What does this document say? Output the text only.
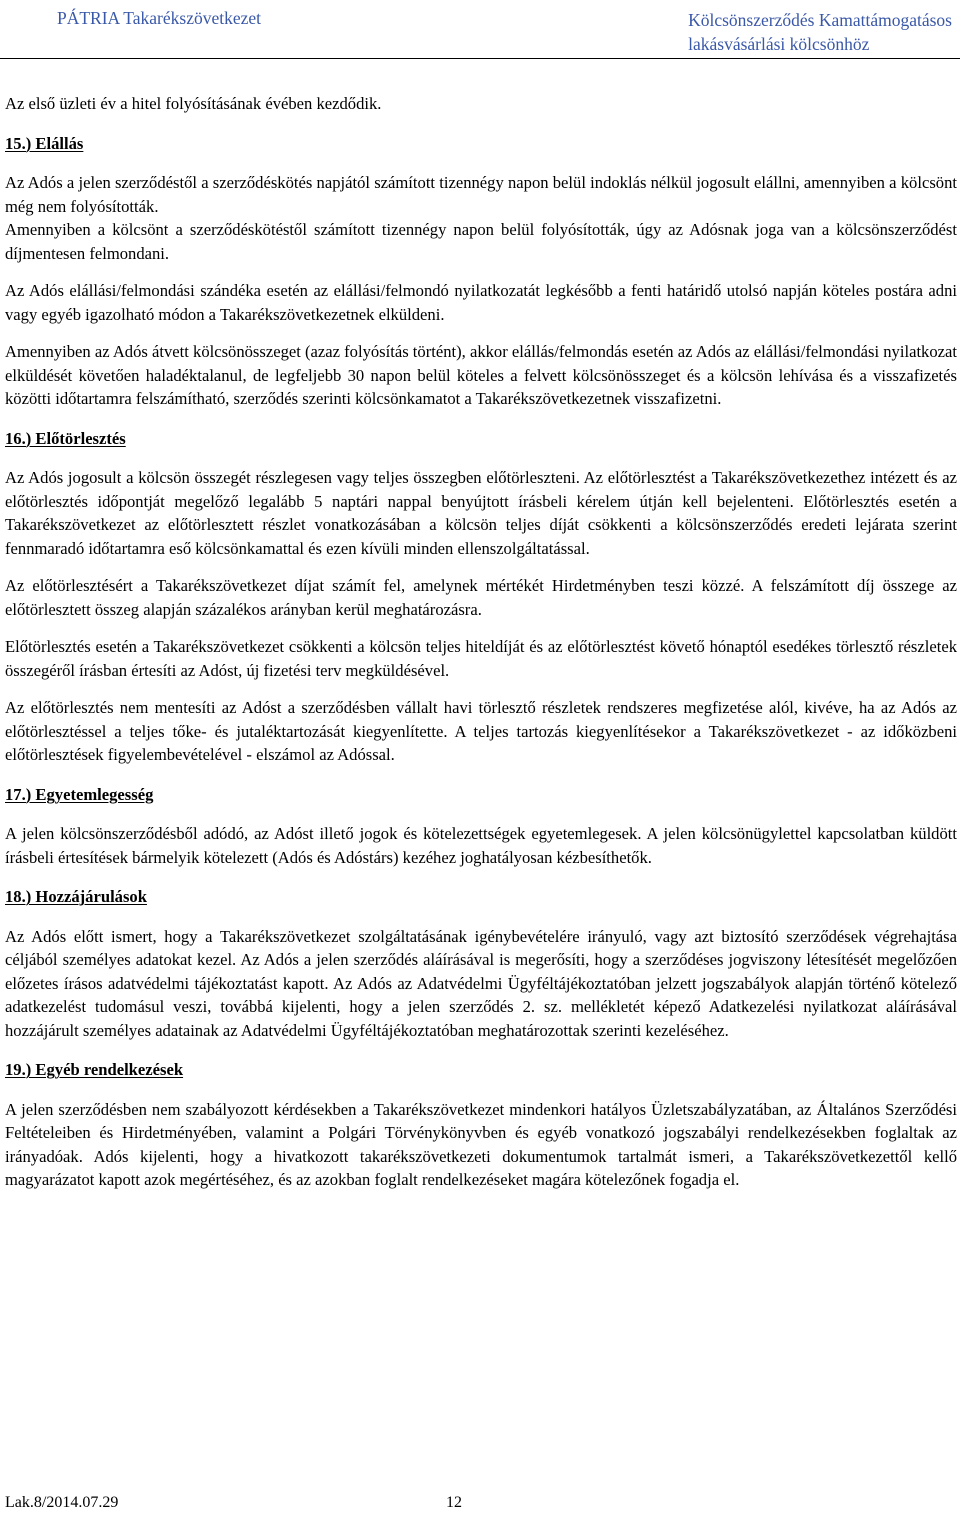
PÁTRIA Takarékszövetkezet	Kölcsönszerződés Kamattámogatásos
lakásvásárlási kölcsönhöz

Az első üzleti év a hitel folyósításának évében kezdődik.

15.) Elállás

Az Adós a jelen szerződéstől a szerződéskötés napjától számított tizennégy napon belül indoklás nélkül jogosult elállni, amennyiben a kölcsönt még nem folyósították.

Amennyiben a kölcsönt a szerződéskötéstől számított tizennégy napon belül folyósították, úgy az Adósnak joga van a kölcsönszerződést díjmentesen felmondani.

Az Adós elállási/felmondási szándéka esetén az elállási/felmondó nyilatkozatát legkésőbb a fenti határidő utolsó napján köteles postára adni vagy egyéb igazolható módon a Takarékszövetkezetnek elküldeni.

Amennyiben az Adós átvett kölcsönösszeget (azaz folyósítás történt), akkor elállás/felmondás esetén az Adós az elállási/felmondási nyilatkozat elküldését követően haladéktalanul, de legfeljebb 30 napon belül köteles a felvett kölcsönösszeget és a kölcsön lehívása és a visszafizetés közötti időtartamra felszámítható, szerződés szerinti kölcsönkamatot a Takarékszövetkezetnek visszafizetni.

16.) Előtörlesztés

Az Adós jogosult a kölcsön összegét részlegesen vagy teljes összegben előtörleszteni. Az előtörlesztést a Takarékszövetkezethez intézett és az előtörlesztés időpontját megelőző legalább 5 naptári nappal benyújtott írásbeli kérelem útján kell bejelenteni. Előtörlesztés esetén a Takarékszövetkezet az előtörlesztett részlet vonatkozásában a kölcsön teljes díját csökkenti a kölcsönszerződés eredeti lejárata szerint fennmaradó időtartamra eső kölcsönkamattal és ezen kívüli minden ellenszolgáltatással.

Az előtörlesztésért a Takarékszövetkezet díjat számít fel, amelynek mértékét Hirdetményben teszi közzé. A felszámított díj összege az előtörlesztett összeg alapján százalékos arányban kerül meghatározásra.

Előtörlesztés esetén a Takarékszövetkezet csökkenti a kölcsön teljes hiteldíját és az előtörlesztést követő hónaptól esedékes törlesztő részletek összegéről írásban értesíti az Adóst, új fizetési terv megküldésével.

Az előtörlesztés nem mentesíti az Adóst a szerződésben vállalt havi törlesztő részletek rendszeres megfizetése alól, kivéve, ha az Adós az előtörlesztéssel a teljes tőke- és jutaléktartozását kiegyenlítette. A teljes tartozás kiegyenlítésekor a Takarékszövetkezet - az időközbeni előtörlesztések figyelembevételével - elszámol az Adóssal.

17.) Egyetemlegesség

A jelen kölcsönszerződésből adódó, az Adóst illető jogok és kötelezettségek egyetemlegesek. A jelen kölcsönügylettel kapcsolatban küldött írásbeli értesítések bármelyik kötelezett (Adós és Adóstárs) kezéhez joghatályosan kézbesíthetők.

18.) Hozzájárulások

Az Adós előtt ismert, hogy a Takarékszövetkezet szolgáltatásának igénybevételére irányuló, vagy azt biztosító szerződések végrehajtása céljából személyes adatokat kezel. Az Adós a jelen szerződés aláírásával is megerősíti, hogy a szerződéses jogviszony létesítését megelőzően előzetes írásos adatvédelmi tájékoztatást kapott. Az Adós az Adatvédelmi Ügyféltájékoztatóban jelzett jogszabályok alapján történő kötelező adatkezelést tudomásul veszi, továbbá kijelenti, hogy a jelen szerződés 2. sz. mellékletét képező Adatkezelési nyilatkozat aláírásával hozzájárult személyes adatainak az Adatvédelmi Ügyféltájékoztatóban meghatározottak szerinti kezeléséhez.

19.) Egyéb rendelkezések

A jelen szerződésben nem szabályozott kérdésekben a Takarékszövetkezet mindenkori hatályos Üzletszabályzatában, az Általános Szerződési Feltételeiben és Hirdetményében, valamint a Polgári Törvénykönyvben és egyéb vonatkozó jogszabályi rendelkezésekben foglaltak az irányadóak. Adós kijelenti, hogy a hivatkozott takarékszövetkezeti dokumentumok tartalmát ismeri, a Takarékszövetkezettől kellő magyarázatot kapott azok megértéséhez, és az azokban foglalt rendelkezéseket magára kötelezőnek fogadja el.

Lak.8/2014.07.29	12
